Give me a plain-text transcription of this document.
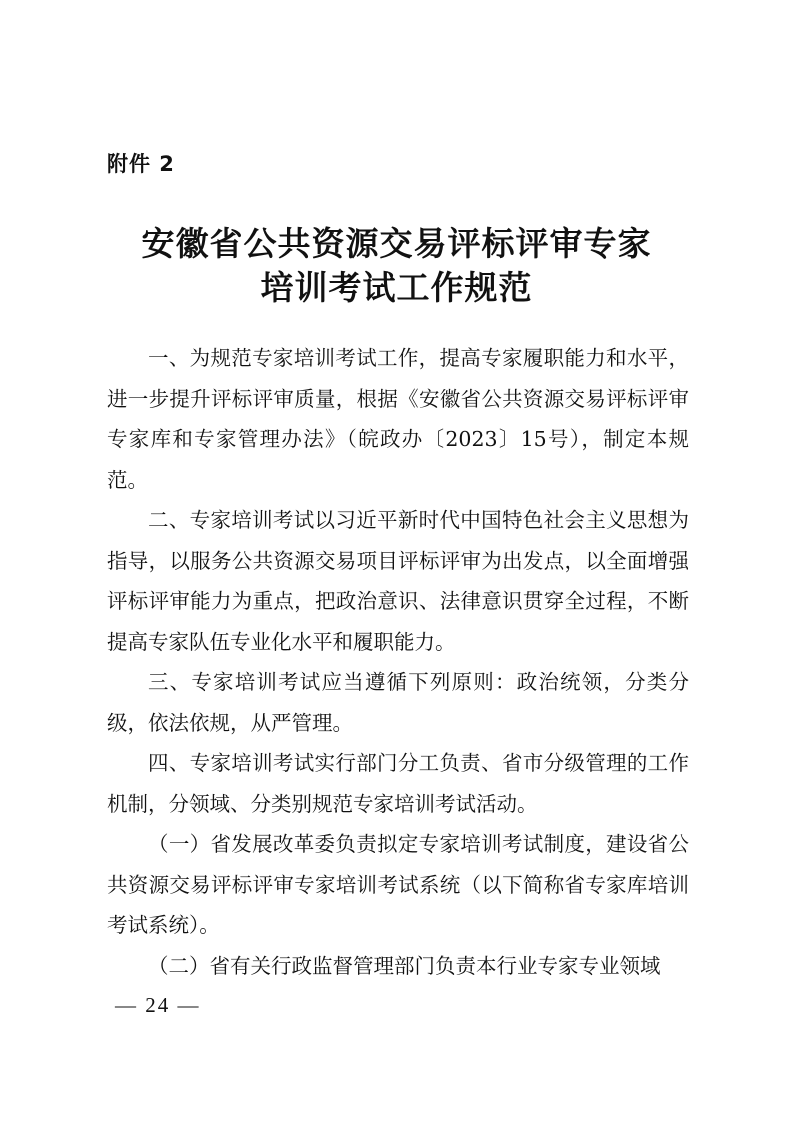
附件 2
安徽省公共资源交易评标评审专家
培训考试工作规范

一、为规范专家培训考试工作，提高专家履职能力和水平，进一步提升评标评审质量，根据《安徽省公共资源交易评标评审专家库和专家管理办法》（皖政办〔2023〕15号），制定本规范。

二、专家培训考试以习近平新时代中国特色社会主义思想为指导，以服务公共资源交易项目评标评审为出发点，以全面增强评标评审能力为重点，把政治意识、法律意识贯穿全过程，不断提高专家队伍专业化水平和履职能力。

三、专家培训考试应当遵循下列原则：政治统领，分类分级，依法依规，从严管理。

四、专家培训考试实行部门分工负责、省市分级管理的工作机制，分领域、分类别规范专家培训考试活动。

（一）省发展改革委负责拟定专家培训考试制度，建设省公共资源交易评标评审专家培训考试系统（以下简称省专家库培训考试系统）。

（二）省有关行政监督管理部门负责本行业专家专业领域

— 24 —
